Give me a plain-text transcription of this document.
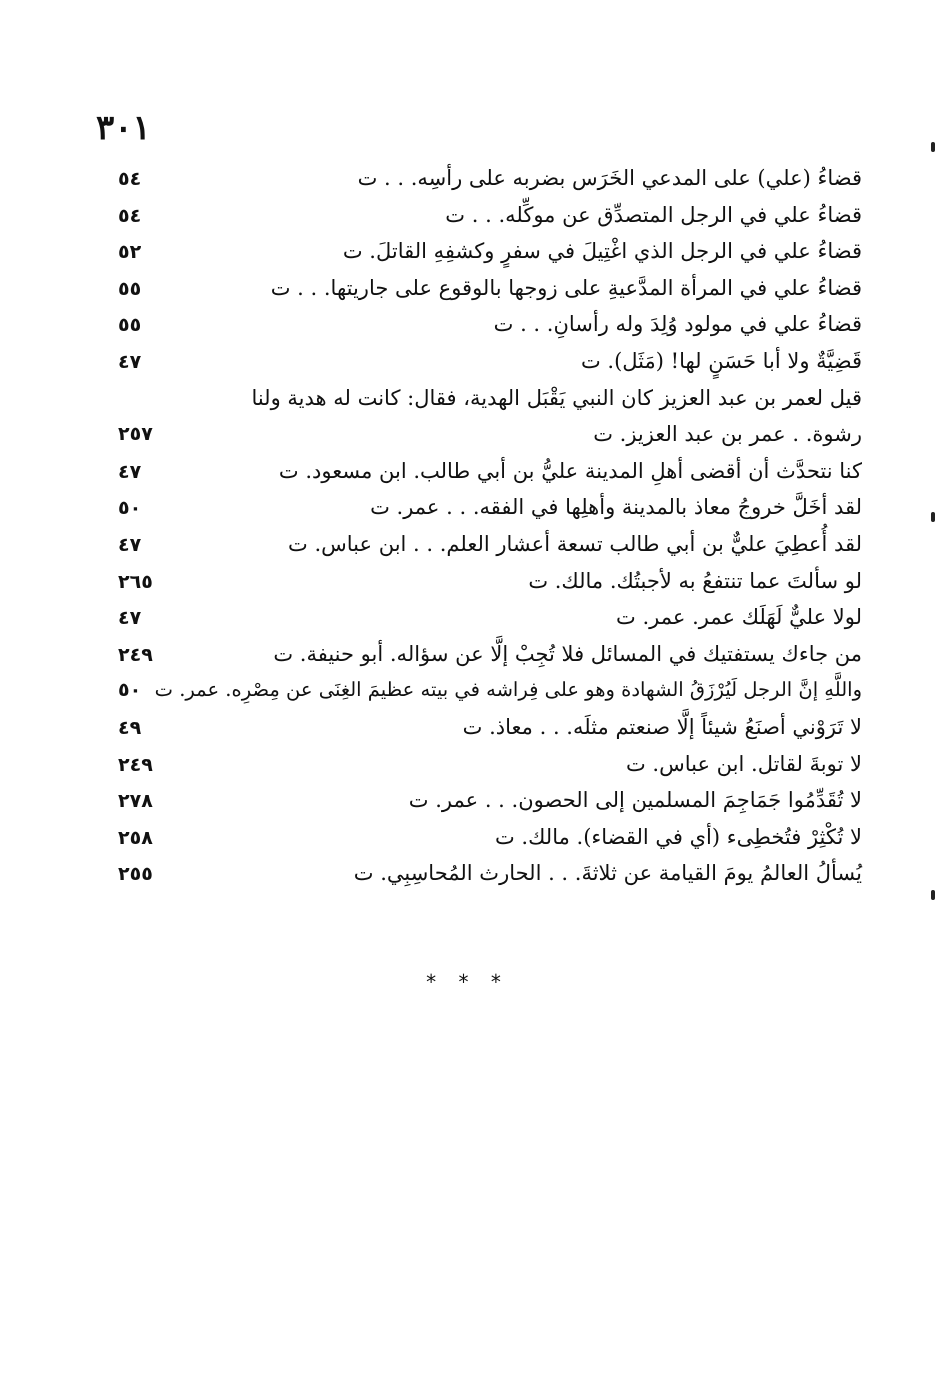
٣٠١
قضاءُ (علي) على المدعي الخَرَس بضربه على رأسِه. . . ت
٥٤
قضاءُ علي في الرجل المتصدِّق عن موكِّله. . . ت
٥٤
قضاءُ علي في الرجل الذي اغْتِيلَ في سفرٍ وكشفِهِ القاتلَ. ت
٥٢
قضاءُ علي في المرأة المدَّعيةِ على زوجها بالوقوع على جاريتها. . . ت
٥٥
قضاءُ علي في مولود وُلِدَ وله رأسانِ. . . ت
٥٥
قَضِيَّةٌ ولا أبا حَسَنٍ لها! (مَثَل). ت
٤٧
قيل لعمر بن عبد العزيز كان النبي يَقْبَل الهدية، فقال: كانت له هدية ولنا
رشوة. . عمر بن عبد العزيز. ت
٢٥٧
كنا نتحدَّث أن أقضى أهلِ المدينة عليُّ بن أبي طالب. ابن مسعود. ت
٤٧
لقد أخَلَّ خروجُ معاذ بالمدينة وأهلِها في الفقه. . . عمر. ت
٥٠
لقد أُعطِيَ عليٌّ بن أبي طالب تسعة أعشار العلم. . . ابن عباس. ت
٤٧
لو سألتَ عما تنتفعُ به لأجبتُك. مالك. ت
٢٦٥
لولا عليٌّ لَهَلَك عمر. عمر. ت
٤٧
من جاءك يستفتيك في المسائل فلا تُجِبْ إلَّا عن سؤاله. أبو حنيفة. ت
٢٤٩
واللَّهِ إنَّ الرجل لَيُرْزَقُ الشهادة وهو على فِراشه في بيته عظيمَ الغِنَى عن مِصْرِه. عمر. ت
٥٠
لا تَرَوْني أصنَعُ شيئاً إلَّا صنعتم مثلَه. . . معاذ. ت
٤٩
لا توبةَ لقاتل. ابن عباس. ت
٢٤٩
لا تُقَدِّمُوا جَمَاجِمَ المسلمين إلى الحصون. . . عمر. ت
٢٧٨
لا تُكْثِرْ فتُخطِىء (أي في القضاء). مالك. ت
٢٥٨
يُسألُ العالمُ يومَ القيامة عن ثلاثةَ. . . الحارث المُحاسِبِي. ت
٢٥٥
* * *
